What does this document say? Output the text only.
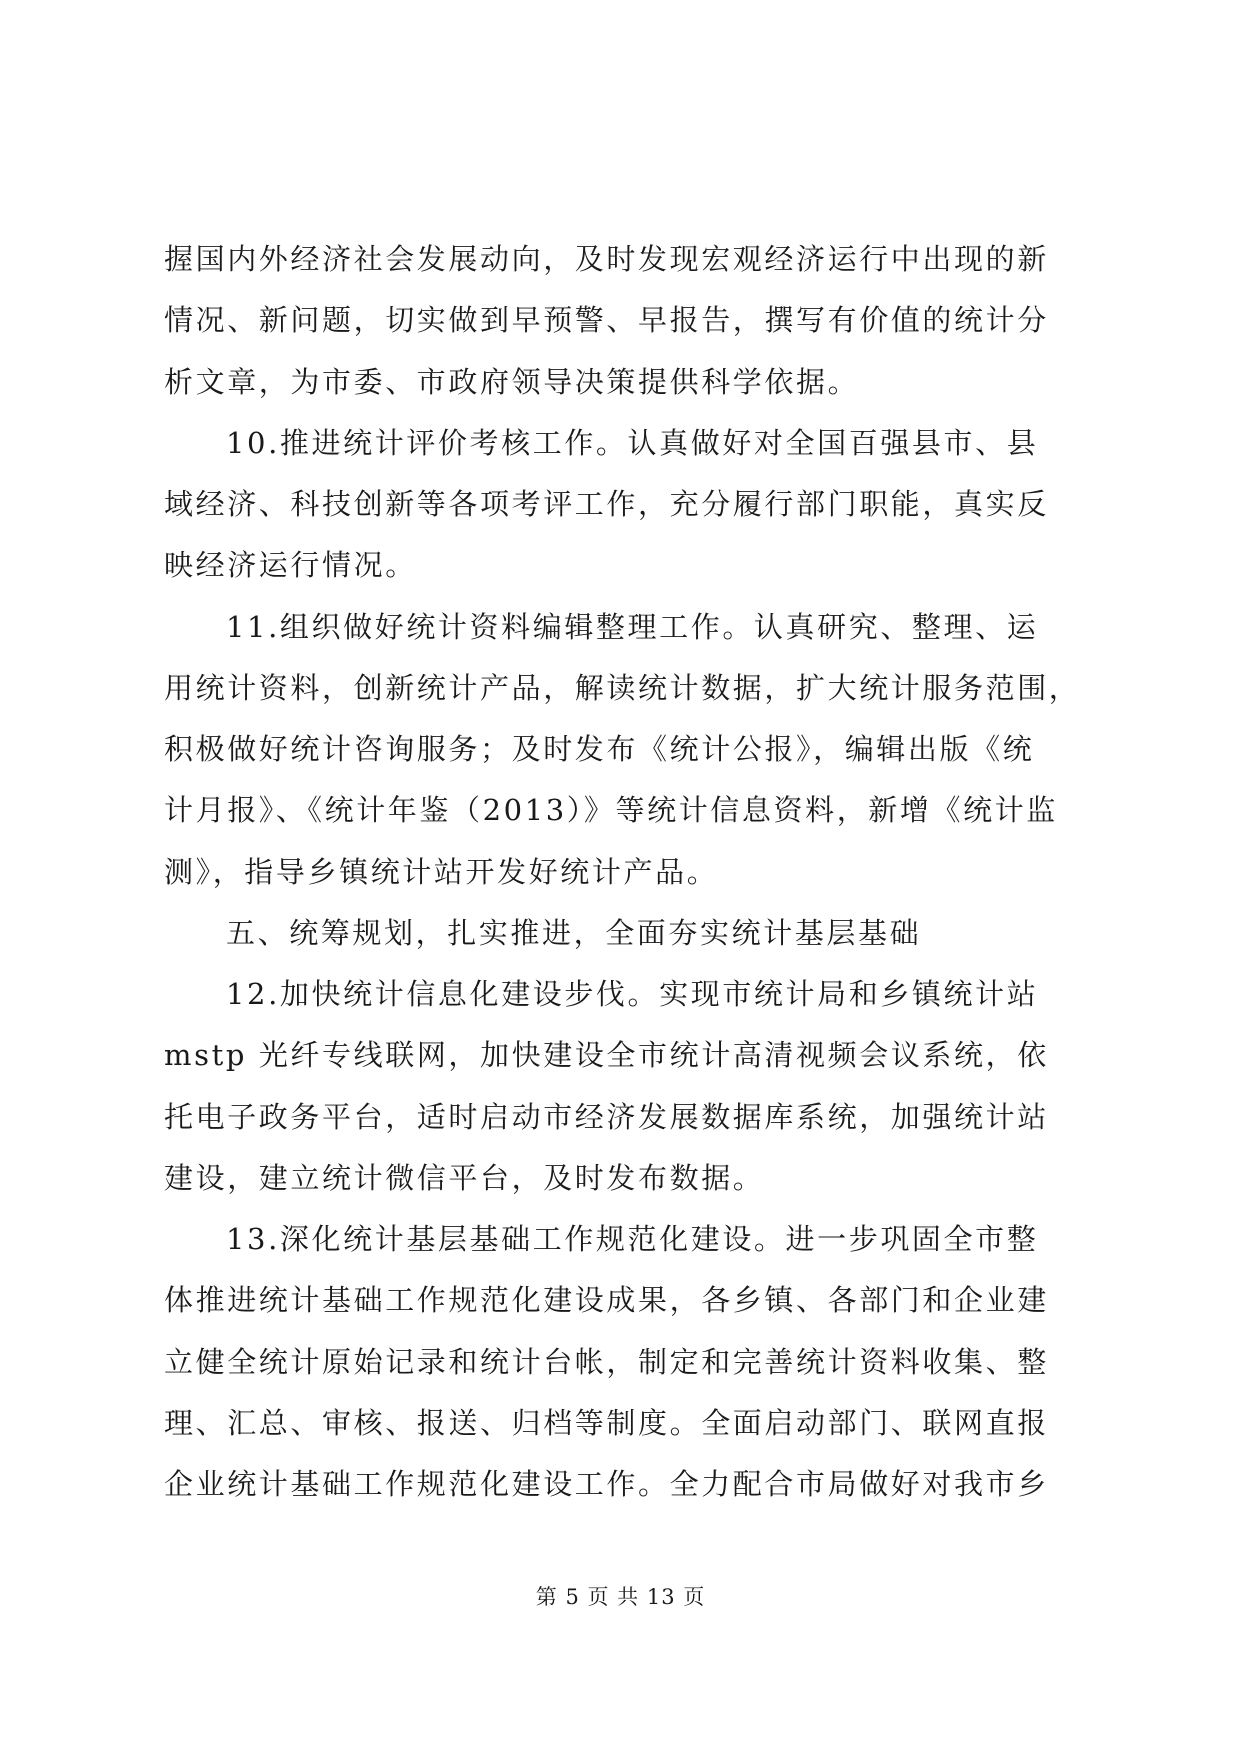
握国内外经济社会发展动向，及时发现宏观经济运行中出现的新
情况、新问题，切实做到早预警、早报告，撰写有价值的统计分
析文章，为市委、市政府领导决策提供科学依据。

10.推进统计评价考核工作。认真做好对全国百强县市、县
域经济、科技创新等各项考评工作，充分履行部门职能，真实反
映经济运行情况。

11.组织做好统计资料编辑整理工作。认真研究、整理、运
用统计资料，创新统计产品，解读统计数据，扩大统计服务范围，
积极做好统计咨询服务；及时发布《统计公报》，编辑出版《统
计月报》、《统计年鉴（2013）》等统计信息资料，新增《统计监
测》，指导乡镇统计站开发好统计产品。

五、统筹规划，扎实推进，全面夯实统计基层基础

12.加快统计信息化建设步伐。实现市统计局和乡镇统计站
mstp 光纤专线联网，加快建设全市统计高清视频会议系统，依
托电子政务平台，适时启动市经济发展数据库系统，加强统计站
建设，建立统计微信平台，及时发布数据。

13.深化统计基层基础工作规范化建设。进一步巩固全市整
体推进统计基础工作规范化建设成果，各乡镇、各部门和企业建
立健全统计原始记录和统计台帐，制定和完善统计资料收集、整
理、汇总、审核、报送、归档等制度。全面启动部门、联网直报
企业统计基础工作规范化建设工作。全力配合市局做好对我市乡

第 5 页 共 13 页
